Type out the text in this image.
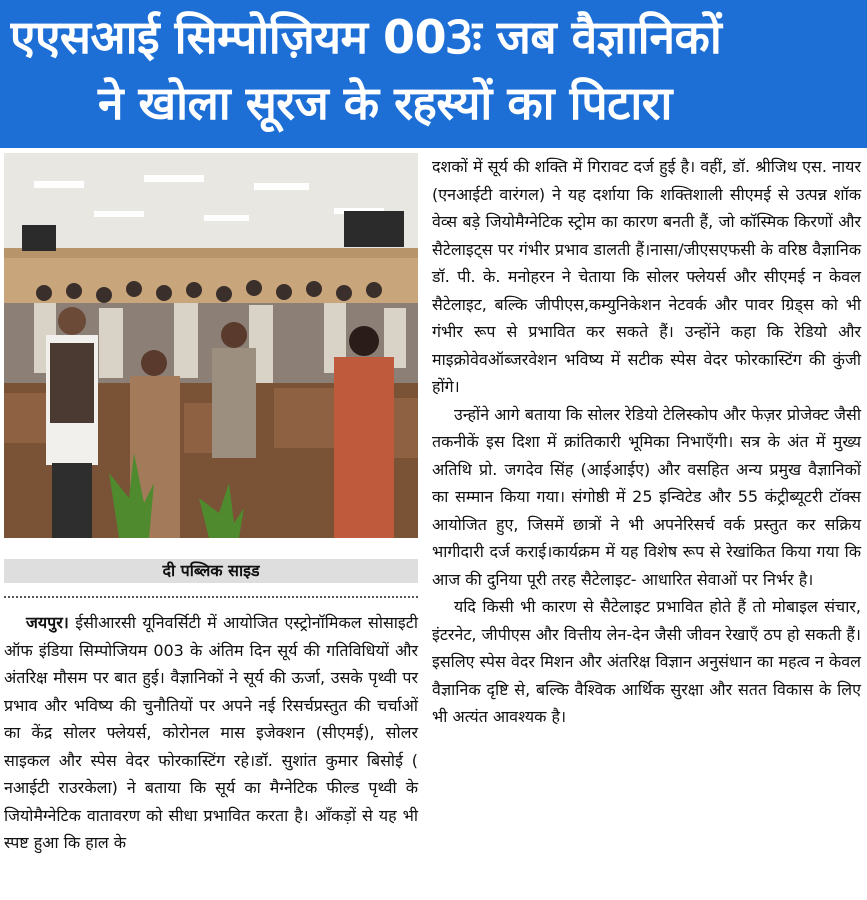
एएसआई सिम्पोज़ियम 003ः जब वैज्ञानिकों
ने खोला सूरज के रहस्यों का पिटारा
दी पब्लिक साइड

जयपुर। ईसीआरसी यूनिवर्सिटी में आयोजित एस्ट्रोनॉमिकल सोसाइटी ऑफ इंडिया सिम्पोजियम 003 के अंतिम दिन सूर्य की गतिविधियों और अंतरिक्ष मौसम पर बात हुई। वैज्ञानिकों ने सूर्य की ऊर्जा, उसके पृथ्वी पर प्रभाव और भविष्य की चुनौतियों पर अपने नई रिसर्चप्रस्तुत की चर्चाओं का केंद्र सोलर फ्लेयर्स, कोरोनल मास इजेक्शन (सीएमई), सोलर साइकल और स्पेस वेदर फोरकास्टिंग रहे।डॉ. सुशांत कुमार बिसोई ( नआईटी राउरकेला) ने बताया कि सूर्य का मैग्नेटिक फील्ड पृथ्वी के जियोमैग्नेटिक वातावरण को सीधा प्रभावित करता है। आँकड़ों से यह भी स्पष्ट हुआ कि हाल के

दशकों में सूर्य की शक्ति में गिरावट दर्ज हुई है। वहीं, डॉ. श्रीजिथ एस. नायर (एनआईटी वारंगल) ने यह दर्शाया कि शक्तिशाली सीएमई से उत्पन्न शॉक वेव्स बड़े जियोमैग्नेटिक स्ट्रोम का कारण बनती हैं, जो कॉस्मिक किरणों और सैटेलाइट्स पर गंभीर प्रभाव डालती हैं।नासा/जीएसएफसी के वरिष्ठ वैज्ञानिक डॉ. पी. के. मनोहरन ने चेताया कि सोलर फ्लेयर्स और सीएमई न केवल सैटेलाइट, बल्कि जीपीएस,कम्युनिकेशन नेटवर्क और पावर ग्रिड्स को भी गंभीर रूप से प्रभावित कर सकते हैं। उन्होंने कहा कि रेडियो और माइक्रोवेवऑब्जरवेशन भविष्य में सटीक स्पेस वेदर फोरकास्टिंग की कुंजी होंगे।

उन्होंने आगे बताया कि सोलर रेडियो टेलिस्कोप और फेज़र प्रोजेक्ट जैसी तकनीकें इस दिशा में क्रांतिकारी भूमिका निभाएँगी। सत्र के अंत में मुख्य अतिथि प्रो. जगदेव सिंह (आईआईए) और वसहित अन्य प्रमुख वैज्ञानिकों का सम्मान किया गया। संगोष्ठी में 25 इन्विटेड और 55 कंट्रीब्यूटरी टॉक्स आयोजित हुए, जिसमें छात्रों ने भी अपनेरिसर्च वर्क प्रस्तुत कर सक्रिय भागीदारी दर्ज कराई।कार्यक्रम में यह विशेष रूप से रेखांकित किया गया कि आज की दुनिया पूरी तरह सैटेलाइट- आधारित सेवाओं पर निर्भर है।

यदि किसी भी कारण से सैटेलाइट प्रभावित होते हैं तो मोबाइल संचार, इंटरनेट, जीपीएस और वित्तीय लेन-देन जैसी जीवन रेखाएँ ठप हो सकती हैं। इसलिए स्पेस वेदर मिशन और अंतरिक्ष विज्ञान अनुसंधान का महत्व न केवल वैज्ञानिक दृष्टि से, बल्कि वैश्विक आर्थिक सुरक्षा और सतत विकास के लिए भी अत्यंत आवश्यक है।
